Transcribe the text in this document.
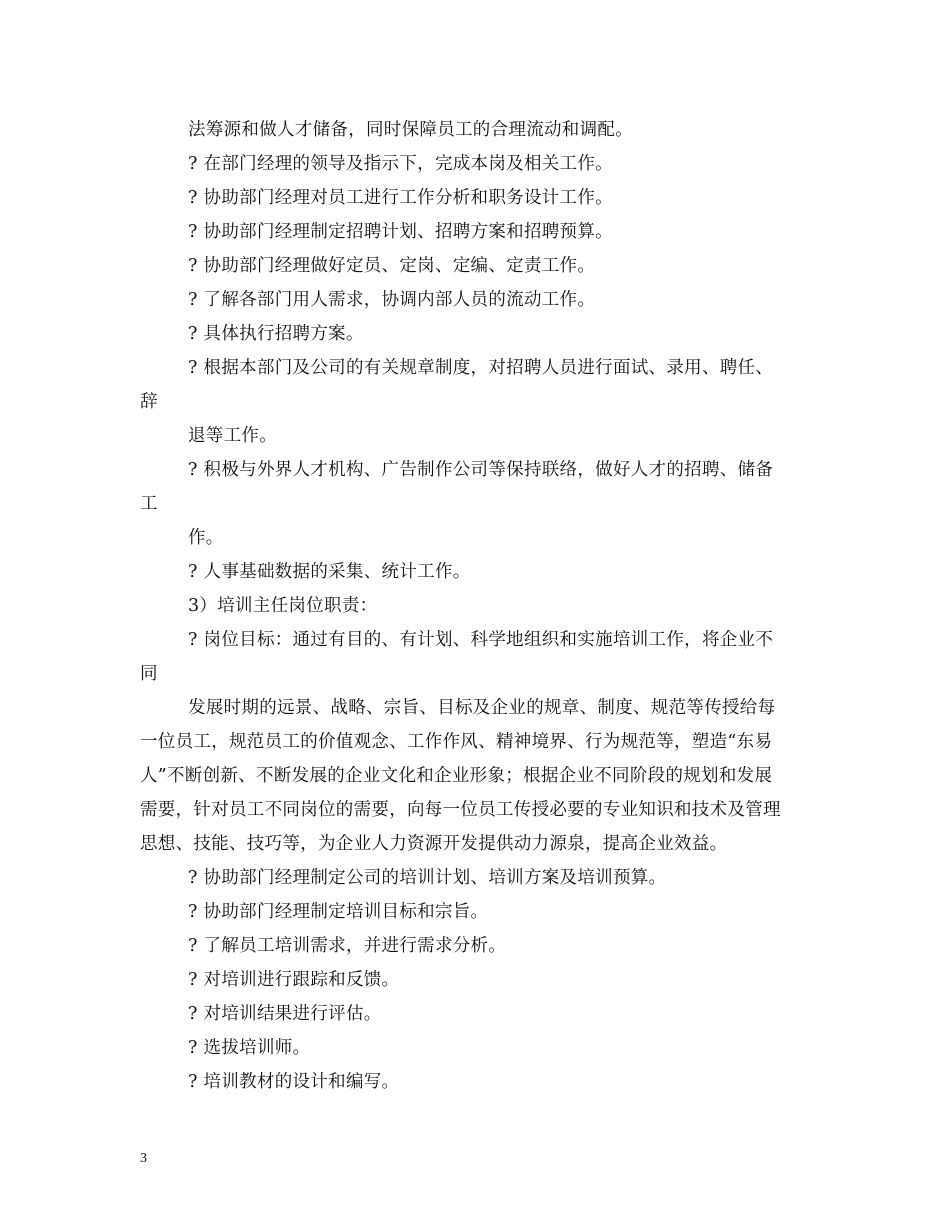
法筹源和做人才储备，同时保障员工的合理流动和调配。
? 在部门经理的领导及指示下，完成本岗及相关工作。
? 协助部门经理对员工进行工作分析和职务设计工作。
? 协助部门经理制定招聘计划、招聘方案和招聘预算。
? 协助部门经理做好定员、定岗、定编、定责工作。
? 了解各部门用人需求，协调内部人员的流动工作。
? 具体执行招聘方案。
? 根据本部门及公司的有关规章制度，对招聘人员进行面试、录用、聘任、
辞
退等工作。
? 积极与外界人才机构、广告制作公司等保持联络，做好人才的招聘、储备
工
作。
? 人事基础数据的采集、统计工作。
3）培训主任岗位职责：
? 岗位目标：通过有目的、有计划、科学地组织和实施培训工作，将企业不
同
发展时期的远景、战略、宗旨、目标及企业的规章、制度、规范等传授给每
一位员工，规范员工的价值观念、工作作风、精神境界、行为规范等，塑造“东易
人”不断创新、不断发展的企业文化和企业形象；根据企业不同阶段的规划和发展
需要，针对员工不同岗位的需要，向每一位员工传授必要的专业知识和技术及管理
思想、技能、技巧等，为企业人力资源开发提供动力源泉，提高企业效益。
? 协助部门经理制定公司的培训计划、培训方案及培训预算。
? 协助部门经理制定培训目标和宗旨。
? 了解员工培训需求，并进行需求分析。
? 对培训进行跟踪和反馈。
? 对培训结果进行评估。
? 选拔培训师。
? 培训教材的设计和编写。
3
